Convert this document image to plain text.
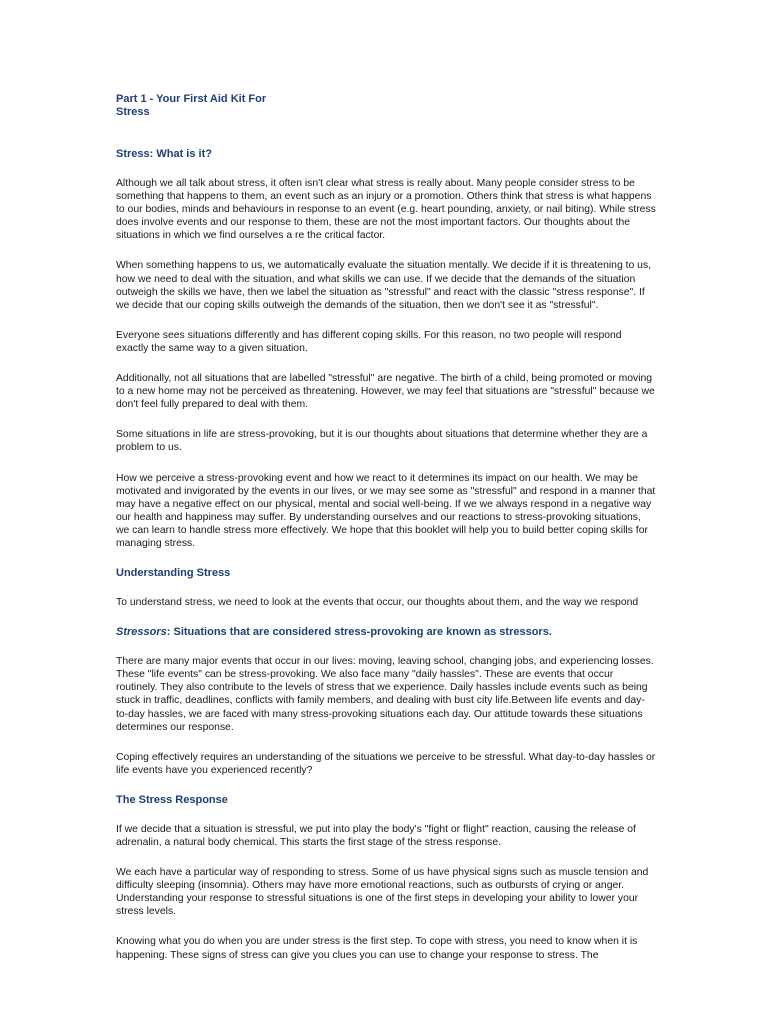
Part 1 - Your First Aid Kit For Stress
Stress: What is it?

Although we all talk about stress, it often isn't clear what stress is really about. Many people consider stress to be something that happens to them, an event such as an injury or a promotion. Others think that stress is what happens to our bodies, minds and behaviours in response to an event (e.g. heart pounding, anxiety, or nail biting). While stress does involve events and our response to them, these are not the most important factors. Our thoughts about the situations in which we find ourselves a re the critical factor.

When something happens to us, we automatically evaluate the situation mentally. We decide if it is threatening to us, how we need to deal with the situation, and what skills we can use. If we decide that the demands of the situation outweigh the skills we have, then we label the situation as "stressful" and react with the classic "stress response". If we decide that our coping skills outweigh the demands of the situation, then we don't see it as "stressful".

Everyone sees situations differently and has different coping skills. For this reason, no two people will respond exactly the same way to a given situation.

Additionally, not all situations that are labelled "stressful" are negative. The birth of a child, being promoted or moving to a new home may not be perceived as threatening. However, we may feel that situations are "stressful" because we don't feel fully prepared to deal with them.

Some situations in life are stress-provoking, but it is our thoughts about situations that determine whether they are a problem to us.

How we perceive a stress-provoking event and how we react to it determines its impact on our health. We may be motivated and invigorated by the events in our lives, or we may see some as "stressful" and respond in a manner that may have a negative effect on our physical, mental and social well-being. If we we always respond in a negative way our health and happiness may suffer. By understanding ourselves and our reactions to stress-provoking situations, we can learn to handle stress more effectively. We hope that this booklet will help you to build better coping skills for managing stress.

Understanding Stress

To understand stress, we need to look at the events that occur, our thoughts about them, and the way we respond

Stressors: Situations that are considered stress-provoking are known as stressors.

There are many major events that occur in our lives: moving, leaving school, changing jobs, and experiencing losses. These "life events" can be stress-provoking. We also face many "daily hassles". These are events that occur routinely. They also contribute to the levels of stress that we experience. Daily hassles include events such as being stuck in traffic, deadlines, conflicts with family members, and dealing with bust city life.Between life events and day-to-day hassles, we are faced with many stress-provoking situations each day. Our attitude towards these situations determines our response.

Coping effectively requires an understanding of the situations we perceive to be stressful. What day-to-day hassles or life events have you experienced recently?

The Stress Response

If we decide that a situation is stressful, we put into play the body's "fight or flight" reaction, causing the release of adrenalin, a natural body chemical. This starts the first stage of the stress response.

We each have a particular way of responding to stress. Some of us have physical signs such as muscle tension and difficulty sleeping (insomnia). Others may have more emotional reactions, such as outbursts of crying or anger. Understanding your response to stressful situations is one of the first steps in developing your ability to lower your stress levels.

Knowing what you do when you are under stress is the first step. To cope with stress, you need to know when it is happening. These signs of stress can give you clues you can use to change your response to stress. The
